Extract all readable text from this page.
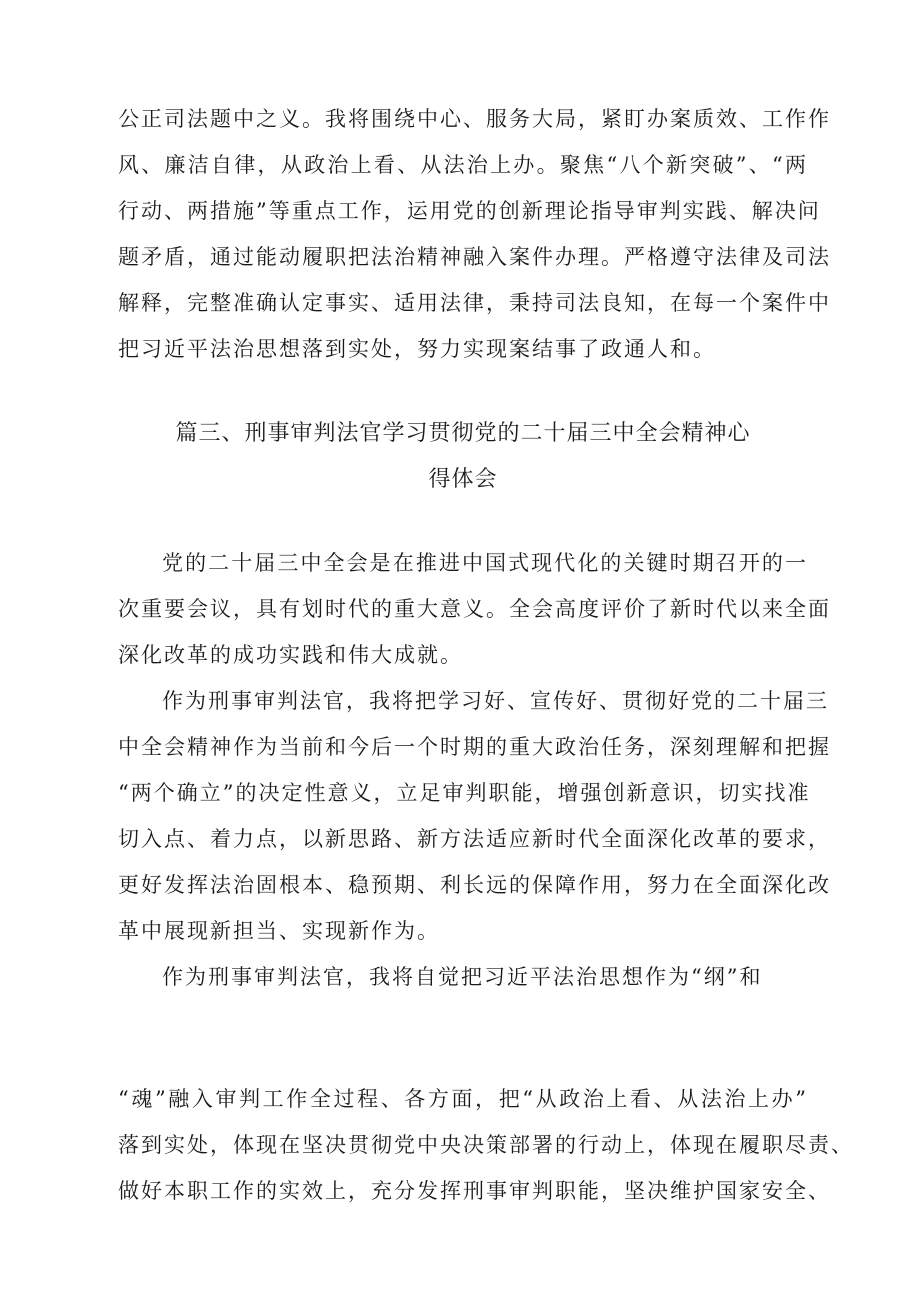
公正司法题中之义。我将围绕中心、服务大局，紧盯办案质效、工作作
风、廉洁自律，从政治上看、从法治上办。聚焦“八个新突破”、“两
行动、两措施”等重点工作，运用党的创新理论指导审判实践、解决问
题矛盾，通过能动履职把法治精神融入案件办理。严格遵守法律及司法
解释，完整准确认定事实、适用法律，秉持司法良知，在每一个案件中
把习近平法治思想落到实处，努力实现案结事了政通人和。
篇三、刑事审判法官学习贯彻党的二十届三中全会精神心
得体会
党的二十届三中全会是在推进中国式现代化的关键时期召开的一
次重要会议，具有划时代的重大意义。全会高度评价了新时代以来全面
深化改革的成功实践和伟大成就。
作为刑事审判法官，我将把学习好、宣传好、贯彻好党的二十届三
中全会精神作为当前和今后一个时期的重大政治任务，深刻理解和把握
“两个确立”的决定性意义，立足审判职能，增强创新意识，切实找准
切入点、着力点，以新思路、新方法适应新时代全面深化改革的要求，
更好发挥法治固根本、稳预期、利长远的保障作用，努力在全面深化改
革中展现新担当、实现新作为。
作为刑事审判法官，我将自觉把习近平法治思想作为“纲”和
“魂”融入审判工作全过程、各方面，把“从政治上看、从法治上办”
落到实处，体现在坚决贯彻党中央决策部署的行动上，体现在履职尽责、
做好本职工作的实效上，充分发挥刑事审判职能，坚决维护国家安全、
